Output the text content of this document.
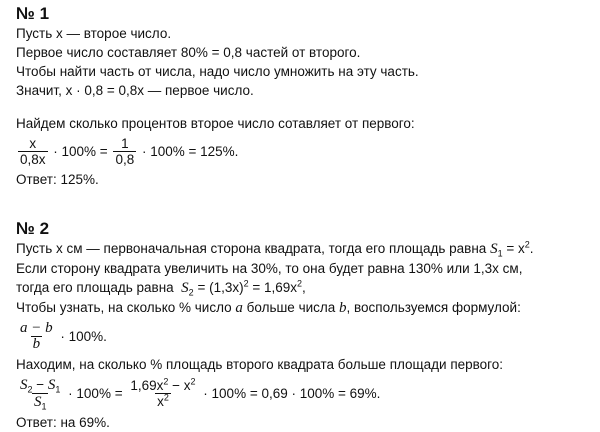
№ 1
Пусть x — второе число.
Первое число составляет 80% = 0,8 частей от второго.
Чтобы найти часть от числа, надо число умножить на эту часть.
Значит, x · 0,8 = 0,8x — первое число.
Найдем сколько процентов второе число сотавляет от первого:
$\frac{x}{0,8x} \cdot 100\% = \frac{1}{0,8} \cdot 100\% = 125\%$.
Ответ: 125%.
№ 2
Пусть x см — первоначальная сторона квадрата, тогда его площадь равна $S_1 = x^2$.
Если сторону квадрата увеличить на 30%, то она будет равна 130% или 1,3x см,
тогда его площадь равна  $S_2 = (1,3x)^2 = 1,69x^2$,
Чтобы узнать, на сколько % число a больше числа b, воспользуемся формулой:
$\frac{a - b}{b} \cdot 100\%$.
Находим, на сколько % площадь второго квадрата больше площади первого:
$\frac{S_2 - S_1}{S_1} \cdot 100\% = \frac{1,69x^2 - x^2}{x^2} \cdot 100\% = 0,69 \cdot 100\% = 69\%$.
Ответ: на 69%.
